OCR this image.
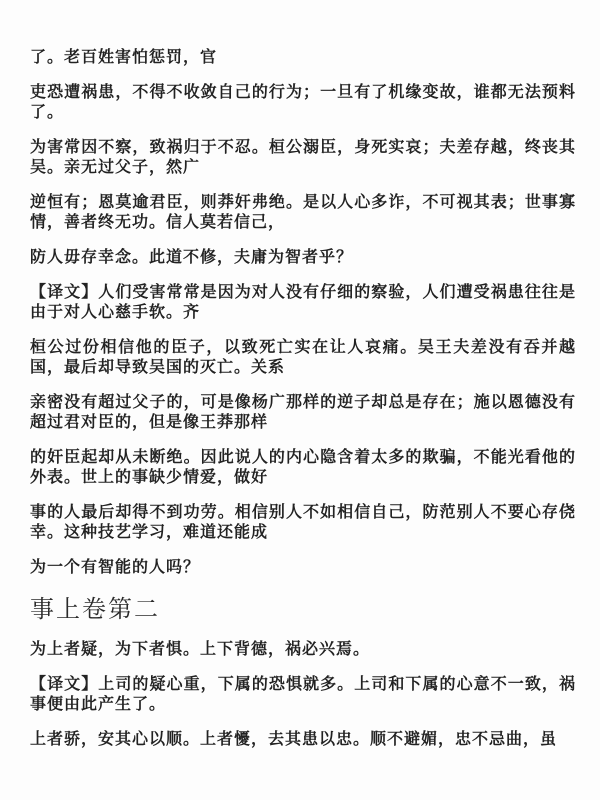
了。老百姓害怕惩罚，官

吏恐遭祸患，不得不收敛自己的行为；一旦有了机缘变故，谁都无法预料了。

为害常因不察，致祸归于不忍。桓公溺臣，身死实哀；夫差存越，终丧其吴。亲无过父子，然广

逆恒有；恩莫逾君臣，则莽奸弗绝。是以人心多诈，不可视其表；世事寡情，善者终无功。信人莫若信己，

防人毋存幸念。此道不修，夫庸为智者乎？

【译文】人们受害常常是因为对人没有仔细的察验，人们遭受祸患往往是由于对人心慈手软。齐

桓公过份相信他的臣子，以致死亡实在让人哀痛。吴王夫差没有吞并越国，最后却导致吴国的灭亡。关系

亲密没有超过父子的，可是像杨广那样的逆子却总是存在；施以恩德没有超过君对臣的，但是像王莽那样

的奸臣起却从未断绝。因此说人的内心隐含着太多的欺骗，不能光看他的外表。世上的事缺少情爱，做好

事的人最后却得不到功劳。相信别人不如相信自己，防范别人不要心存侥幸。这种技艺学习，难道还能成

为一个有智能的人吗？

事上卷第二

为上者疑，为下者惧。上下背德，祸必兴焉。

【译文】上司的疑心重，下属的恐惧就多。上司和下属的心意不一致，祸事便由此产生了。

上者骄，安其心以顺。上者懮，去其患以忠。顺不避媚，忠不忌曲，虽
